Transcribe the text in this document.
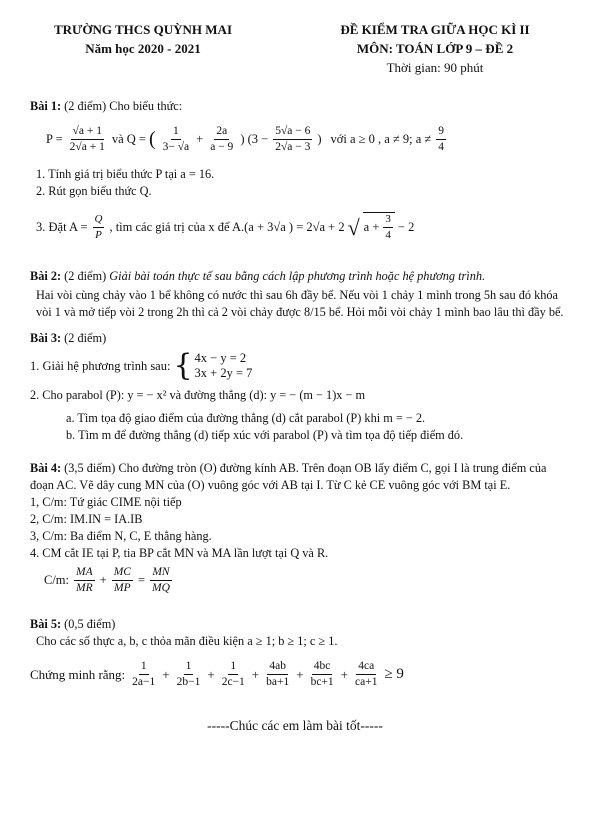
TRƯỜNG THCS QUỲNH MAI
Năm học 2020 - 2021
ĐỀ KIỂM TRA GIỮA HỌC KÌ II
MÔN: TOÁN LỚP 9 – ĐỀ 2
Thời gian: 90 phút
Bài 1: (2 điểm) Cho biểu thức:
$P = \frac{√a + 1}{2√a + 1}$ và Q = ( $\frac{1}{3- √a} + \frac{2a}{a - 9}$ ) ($3 - \frac{5√a - 6}{2√a - 3}$ ) với a ≥ 0 , a ≠ 9; $a \ne \frac{9}{4}$
1. Tính giá trị biểu thức P tại a = 16.
2. Rút gọn biểu thức Q.
3. Đặt $A = \frac{Q}{P}$ , tìm các giá trị của x để A.(a + 3√a ) = 2√a + 2 √ $a + \frac{3}{4} - 2$
Bài 2: (2 điểm) Giải bài toán thực tế sau bằng cách lập phương trình hoặc hệ phương trình.
Hai vòi cùng chảy vào 1 bể không có nước thì sau 6h đầy bể. Nếu vòi 1 chảy 1 mình trong 5h sau đó khóa vòi 1 và mở tiếp vòi 2 trong 2h thì cả 2 vòi chảy được 8/15 bể. Hỏi mỗi vòi chảy 1 mình bao lâu thì đầy bể.
Bài 3: (2 điểm)
1. Giải hệ phương trình sau: { 4x − y = 2
3x + 2y = 7
2. Cho parabol (P): y = − x² và đường thẳng (d): y = − (m − 1)x − m
a. Tìm tọa độ giao điểm của đường thẳng (d) cắt parabol (P) khi m = − 2.
b. Tìm m để đường thẳng (d) tiếp xúc với parabol (P) và tìm tọa độ tiếp điểm đó.
Bài 4: (3,5 điểm) Cho đường tròn (O) đường kính AB. Trên đoạn OB lấy điểm C, gọi I là trung điểm của đoạn AC. Vẽ dây cung MN của (O) vuông góc với AB tại I. Từ C kẻ CE vuông góc với BM tại E.
1, C/m: Tứ giác CIME nội tiếp
2, C/m: IM.IN = IA.IB
3, C/m: Ba điểm N, C, E thẳng hàng.
4. CM cắt IE tại P, tia BP cắt MN và MA lần lượt tại Q và R.
C/m: $\frac{MA}{MR} + \frac{MC}{MP} = \frac{MN}{MQ}$
Bài 5: (0,5 điểm)
Cho các số thực a, b, c thỏa mãn điều kiện a ≥ 1; b ≥ 1; c ≥ 1.
Chứng minh rằng: $\frac{1}{2a-1} + \frac{1}{2b-1} + \frac{1}{2c-1} + \frac{4ab}{ba+1} + \frac{4bc}{bc+1} + \frac{4ca}{ca+1} \ge 9$
-----Chúc các em làm bài tốt-----
